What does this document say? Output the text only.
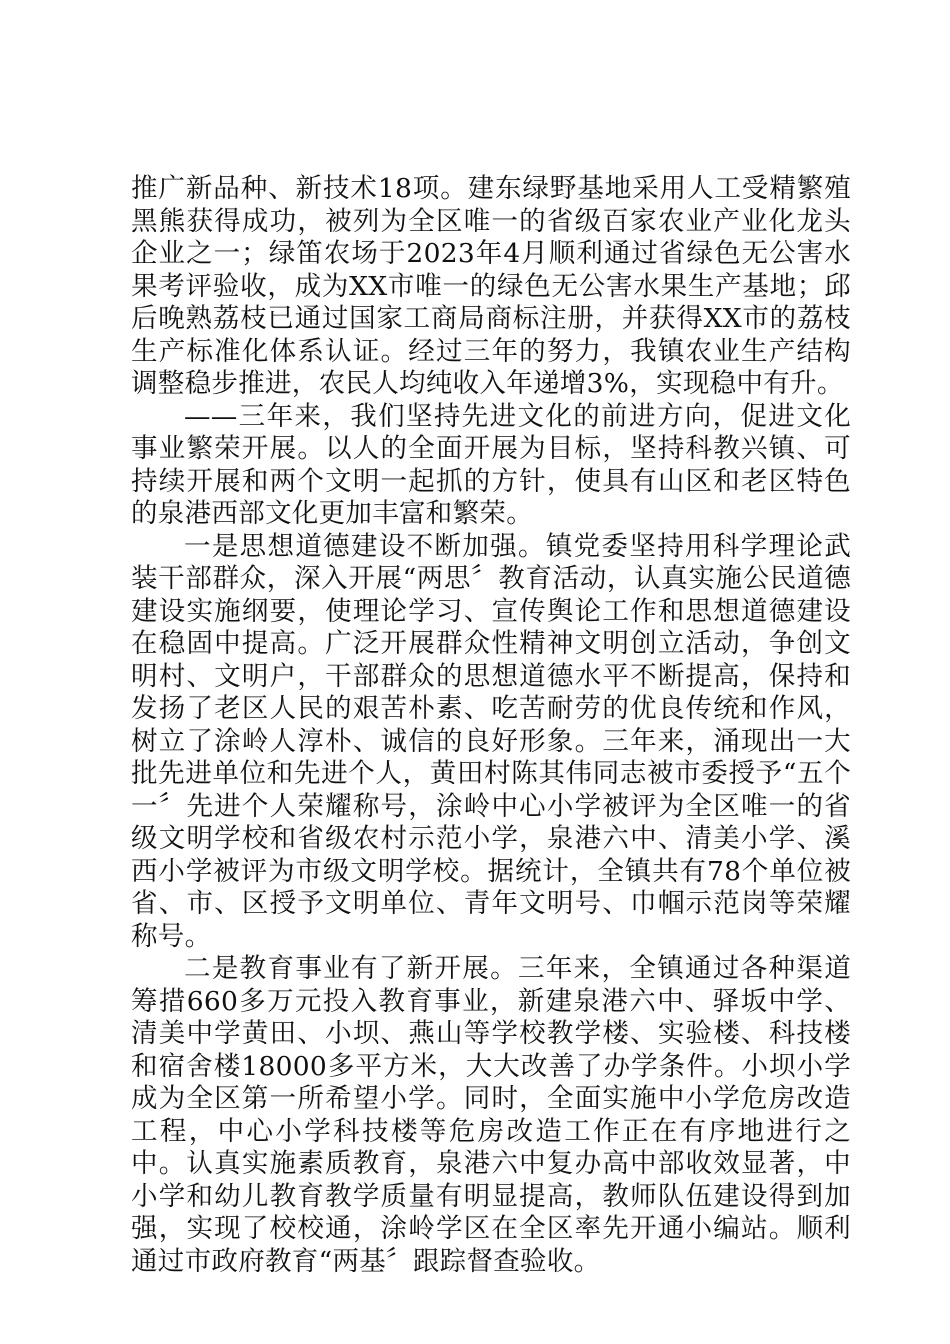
推广新品种、新技术18项。建东绿野基地采用人工受精繁殖黑熊获得成功，被列为全区唯一的省级百家农业产业化龙头企业之一；绿笛农场于2023年4月顺利通过省绿色无公害水果考评验收，成为XX市唯一的绿色无公害水果生产基地；邱后晚熟荔枝已通过国家工商局商标注册，并获得XX市的荔枝生产标准化体系认证。经过三年的努力，我镇农业生产结构调整稳步推进，农民人均纯收入年递增3%，实现稳中有升。

——三年来，我们坚持先进文化的前进方向，促进文化事业繁荣开展。以人的全面开展为目标，坚持科教兴镇、可持续开展和两个文明一起抓的方针，使具有山区和老区特色的泉港西部文化更加丰富和繁荣。

一是思想道德建设不断加强。镇党委坚持用科学理论武装干部群众，深入开展“两思〞教育活动，认真实施公民道德建设实施纲要，使理论学习、宣传舆论工作和思想道德建设在稳固中提高。广泛开展群众性精神文明创立活动，争创文明村、文明户，干部群众的思想道德水平不断提高，保持和发扬了老区人民的艰苦朴素、吃苦耐劳的优良传统和作风，树立了涂岭人淳朴、诚信的良好形象。三年来，涌现出一大批先进单位和先进个人，黄田村陈其伟同志被市委授予“五个一〞先进个人荣耀称号，涂岭中心小学被评为全区唯一的省级文明学校和省级农村示范小学，泉港六中、清美小学、溪西小学被评为市级文明学校。据统计，全镇共有78个单位被省、市、区授予文明单位、青年文明号、巾帼示范岗等荣耀称号。

二是教育事业有了新开展。三年来，全镇通过各种渠道筹措660多万元投入教育事业，新建泉港六中、驿坂中学、清美中学黄田、小坝、燕山等学校教学楼、实验楼、科技楼和宿舍楼18000多平方米，大大改善了办学条件。小坝小学成为全区第一所希望小学。同时，全面实施中小学危房改造工程，中心小学科技楼等危房改造工作正在有序地进行之中。认真实施素质教育，泉港六中复办高中部收效显著，中小学和幼儿教育教学质量有明显提高，教师队伍建设得到加强，实现了校校通，涂岭学区在全区率先开通小编站。顺利通过市政府教育“两基〞跟踪督查验收。
